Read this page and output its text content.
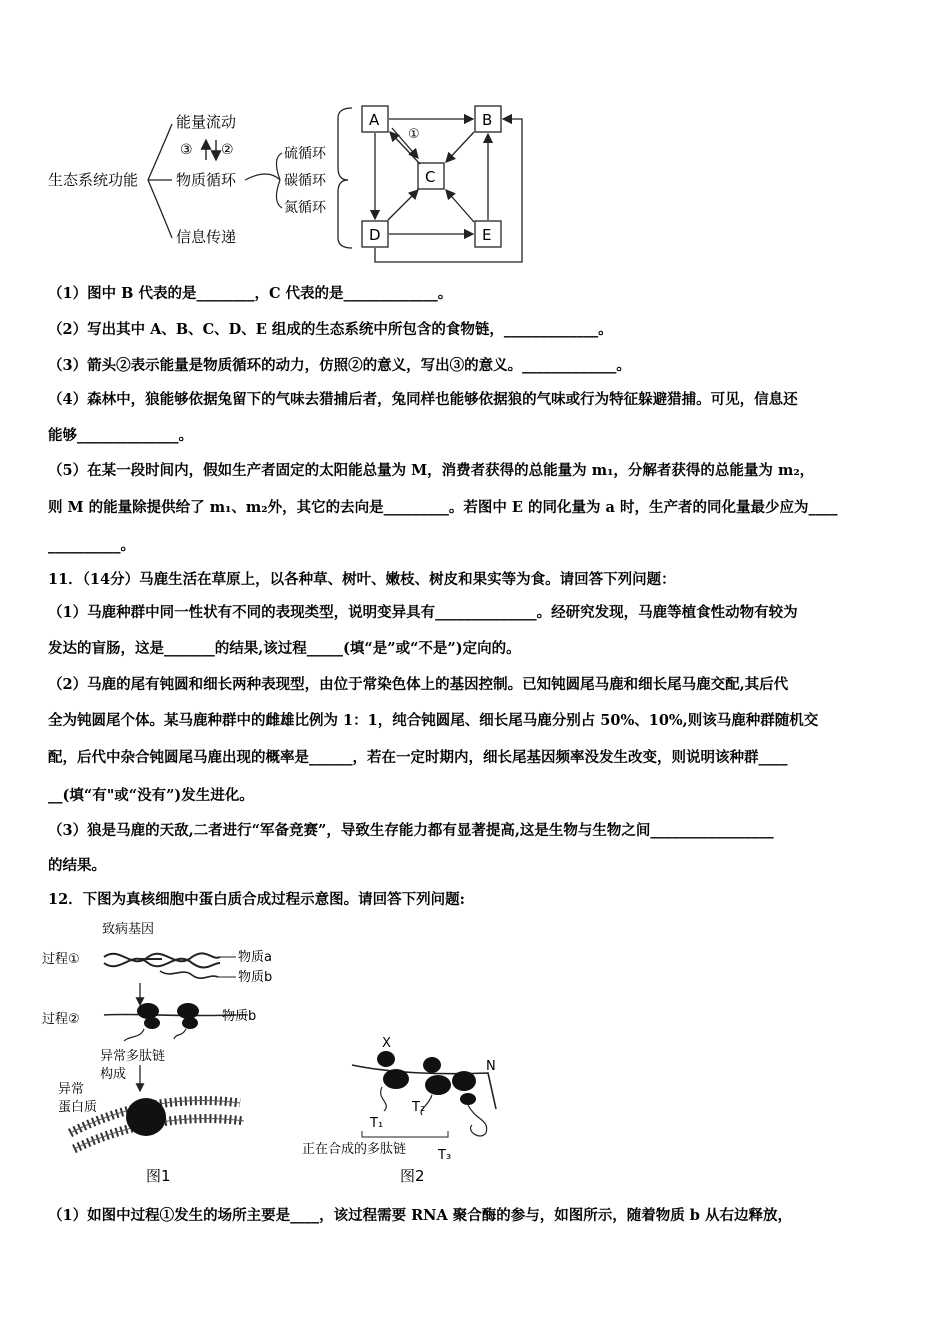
生态系统功能
能量流动
③ ②
物质循环
信息传递
硫循环
碳循环
氮循环
A	B
C
D	E
①
（1）图中 B 代表的是________，C 代表的是_____________。
（2）写出其中 A、B、C、D、E 组成的生态系统中所包含的食物链，_____________。
（3）箭头②表示能量是物质循环的动力，仿照②的意义，写出③的意义。_____________。
（4）森林中，狼能够依据兔留下的气味去猎捕后者，兔同样也能够依据狼的气味或行为特征躲避猎捕。可见，信息还
能够______________。
（5）在某一段时间内，假如生产者固定的太阳能总量为 M，消费者获得的总能量为 m₁，分解者获得的总能量为 m₂，
则 M 的能量除提供给了 m₁、m₂外，其它的去向是_________。若图中 E 的同化量为 a 时，生产者的同化量最少应为____
__________。
11．（14分）马鹿生活在草原上，以各种草、树叶、嫩枝、树皮和果实等为食。请回答下列问题：
（1）马鹿种群中同一性状有不同的表现类型，说明变异具有______________。经研究发现，马鹿等植食性动物有较为
发达的盲肠，这是_______的结果,该过程_____(填“是”或“不是”)定向的。
（2）马鹿的尾有钝圆和细长两种表现型，由位于常染色体上的基因控制。已知钝圆尾马鹿和细长尾马鹿交配,其后代
全为钝圆尾个体。某马鹿种群中的雌雄比例为 1：1，纯合钝圆尾、细长尾马鹿分别占 50%、10%,则该马鹿种群随机交
配，后代中杂合钝圆尾马鹿出现的概率是______，若在一定时期内，细长尾基因频率没发生改变，则说明该种群____
__(填“有"或“没有”)发生进化。
（3）狼是马鹿的天敌,二者进行“军备竞赛”，导致生存能力都有显著提高,这是生物与生物之间_________________
的结果。
12．下图为真核细胞中蛋白质合成过程示意图。请回答下列问题:
致病基因
过程①	物质a
物质b
过程②	物质b
异常多肽链
构成
异常
蛋白质
图1
X
N
T₁
T₂
T₃
正在合成的多肽链
图2
（1）如图中过程①发生的场所主要是____，该过程需要 RNA 聚合酶的参与，如图所示，随着物质 b 从右边释放，
